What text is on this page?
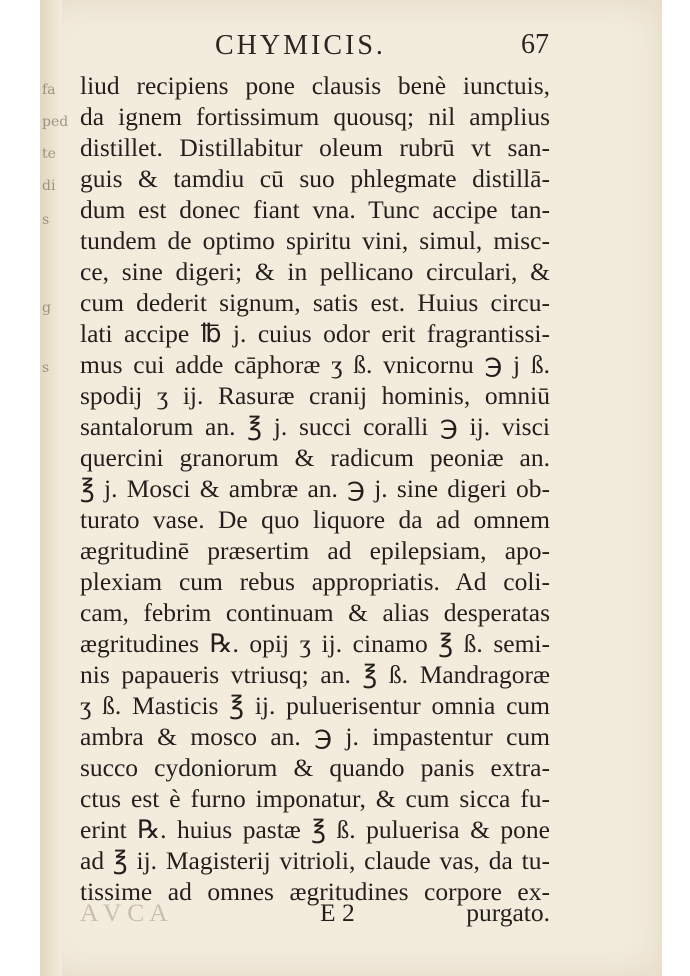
fa
ped
te
di
s
g
s
CHYMICIS.	67
liud recipiens pone clausis benè iunctuis,
da ignem fortissimum quousq; nil amplius
distillet. Distillabitur oleum rubrū vt san-
guis & tamdiu cū suo phlegmate distillā-
dum est donec fiant vna. Tunc accipe tan-
tundem de optimo spiritu vini, simul, misc-
ce, sine digeri; & in pellicano circulari, &
cum dederit signum, satis est. Huius circu-
lati accipe ℔ j. cuius odor erit fragrantissi-
mus cui adde cāphoræ ʒ ß. vnicornu ℈ j ß.
spodij ʒ ij. Rasuræ cranij hominis, omniū
santalorum an. ℥ j. succi coralli ℈ ij. visci
quercini granorum & radicum peoniæ an.
℥ j. Mosci & ambræ an. ℈ j. sine digeri ob-
turato vase. De quo liquore da ad omnem
ægritudinē præsertim ad epilepsiam, apo-
plexiam cum rebus appropriatis. Ad coli-
cam, febrim continuam & alias desperatas
ægritudines ℞. opij ʒ ij. cinamo ℥ ß. semi-
nis papaueris vtriusq; an. ℥ ß. Mandragoræ
ʒ ß. Masticis ℥ ij. puluerisentur omnia cum
ambra & mosco an. ℈ j. impastentur cum
succo cydoniorum & quando panis extra-
ctus est è furno imponatur, & cum sicca fu-
erint ℞. huius pastæ ℥ ß. puluerisa & pone
ad ℥ ij. Magisterij vitrioli, claude vas, da tu-
tissime ad omnes ægritudines corpore ex-
A V C A	E 2	purgato.
